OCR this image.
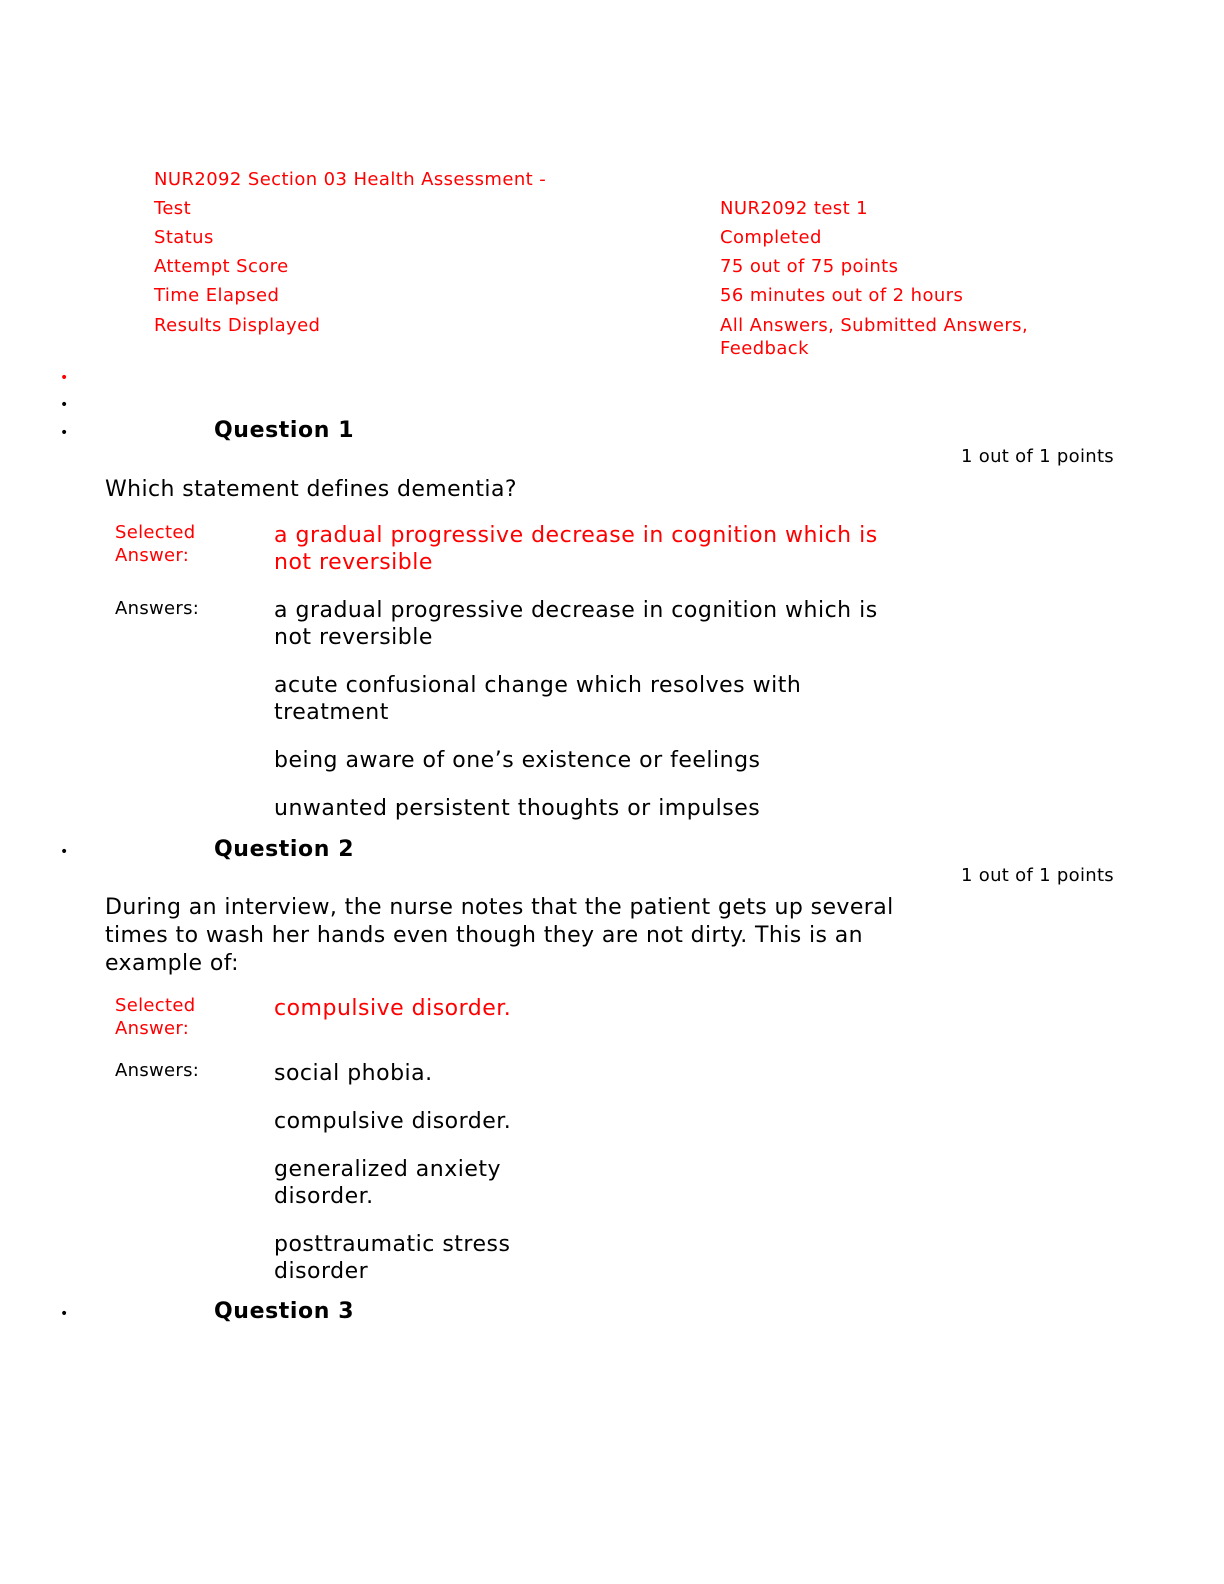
NUR2092 Section 03 Health Assessment -
Test	NUR2092 test 1
Status	Completed
Attempt Score	75 out of 75 points
Time Elapsed	56 minutes out of 2 hours
Results Displayed	All Answers, Submitted Answers, Feedback
•
•
•	Question 1
1 out of 1 points
Which statement defines dementia?
Selected Answer:
a gradual progressive decrease in cognition which is not reversible
Answers:	a gradual progressive decrease in cognition which is not reversible
acute confusional change which resolves with treatment
being aware of one’s existence or feelings
unwanted persistent thoughts or impulses
•	Question 2
1 out of 1 points
During an interview, the nurse notes that the patient gets up several times to wash her hands even though they are not dirty. This is an example of:
Selected Answer:
compulsive disorder.
Answers:	social phobia.
compulsive disorder.
generalized anxiety disorder.
posttraumatic stress disorder
•	Question 3
